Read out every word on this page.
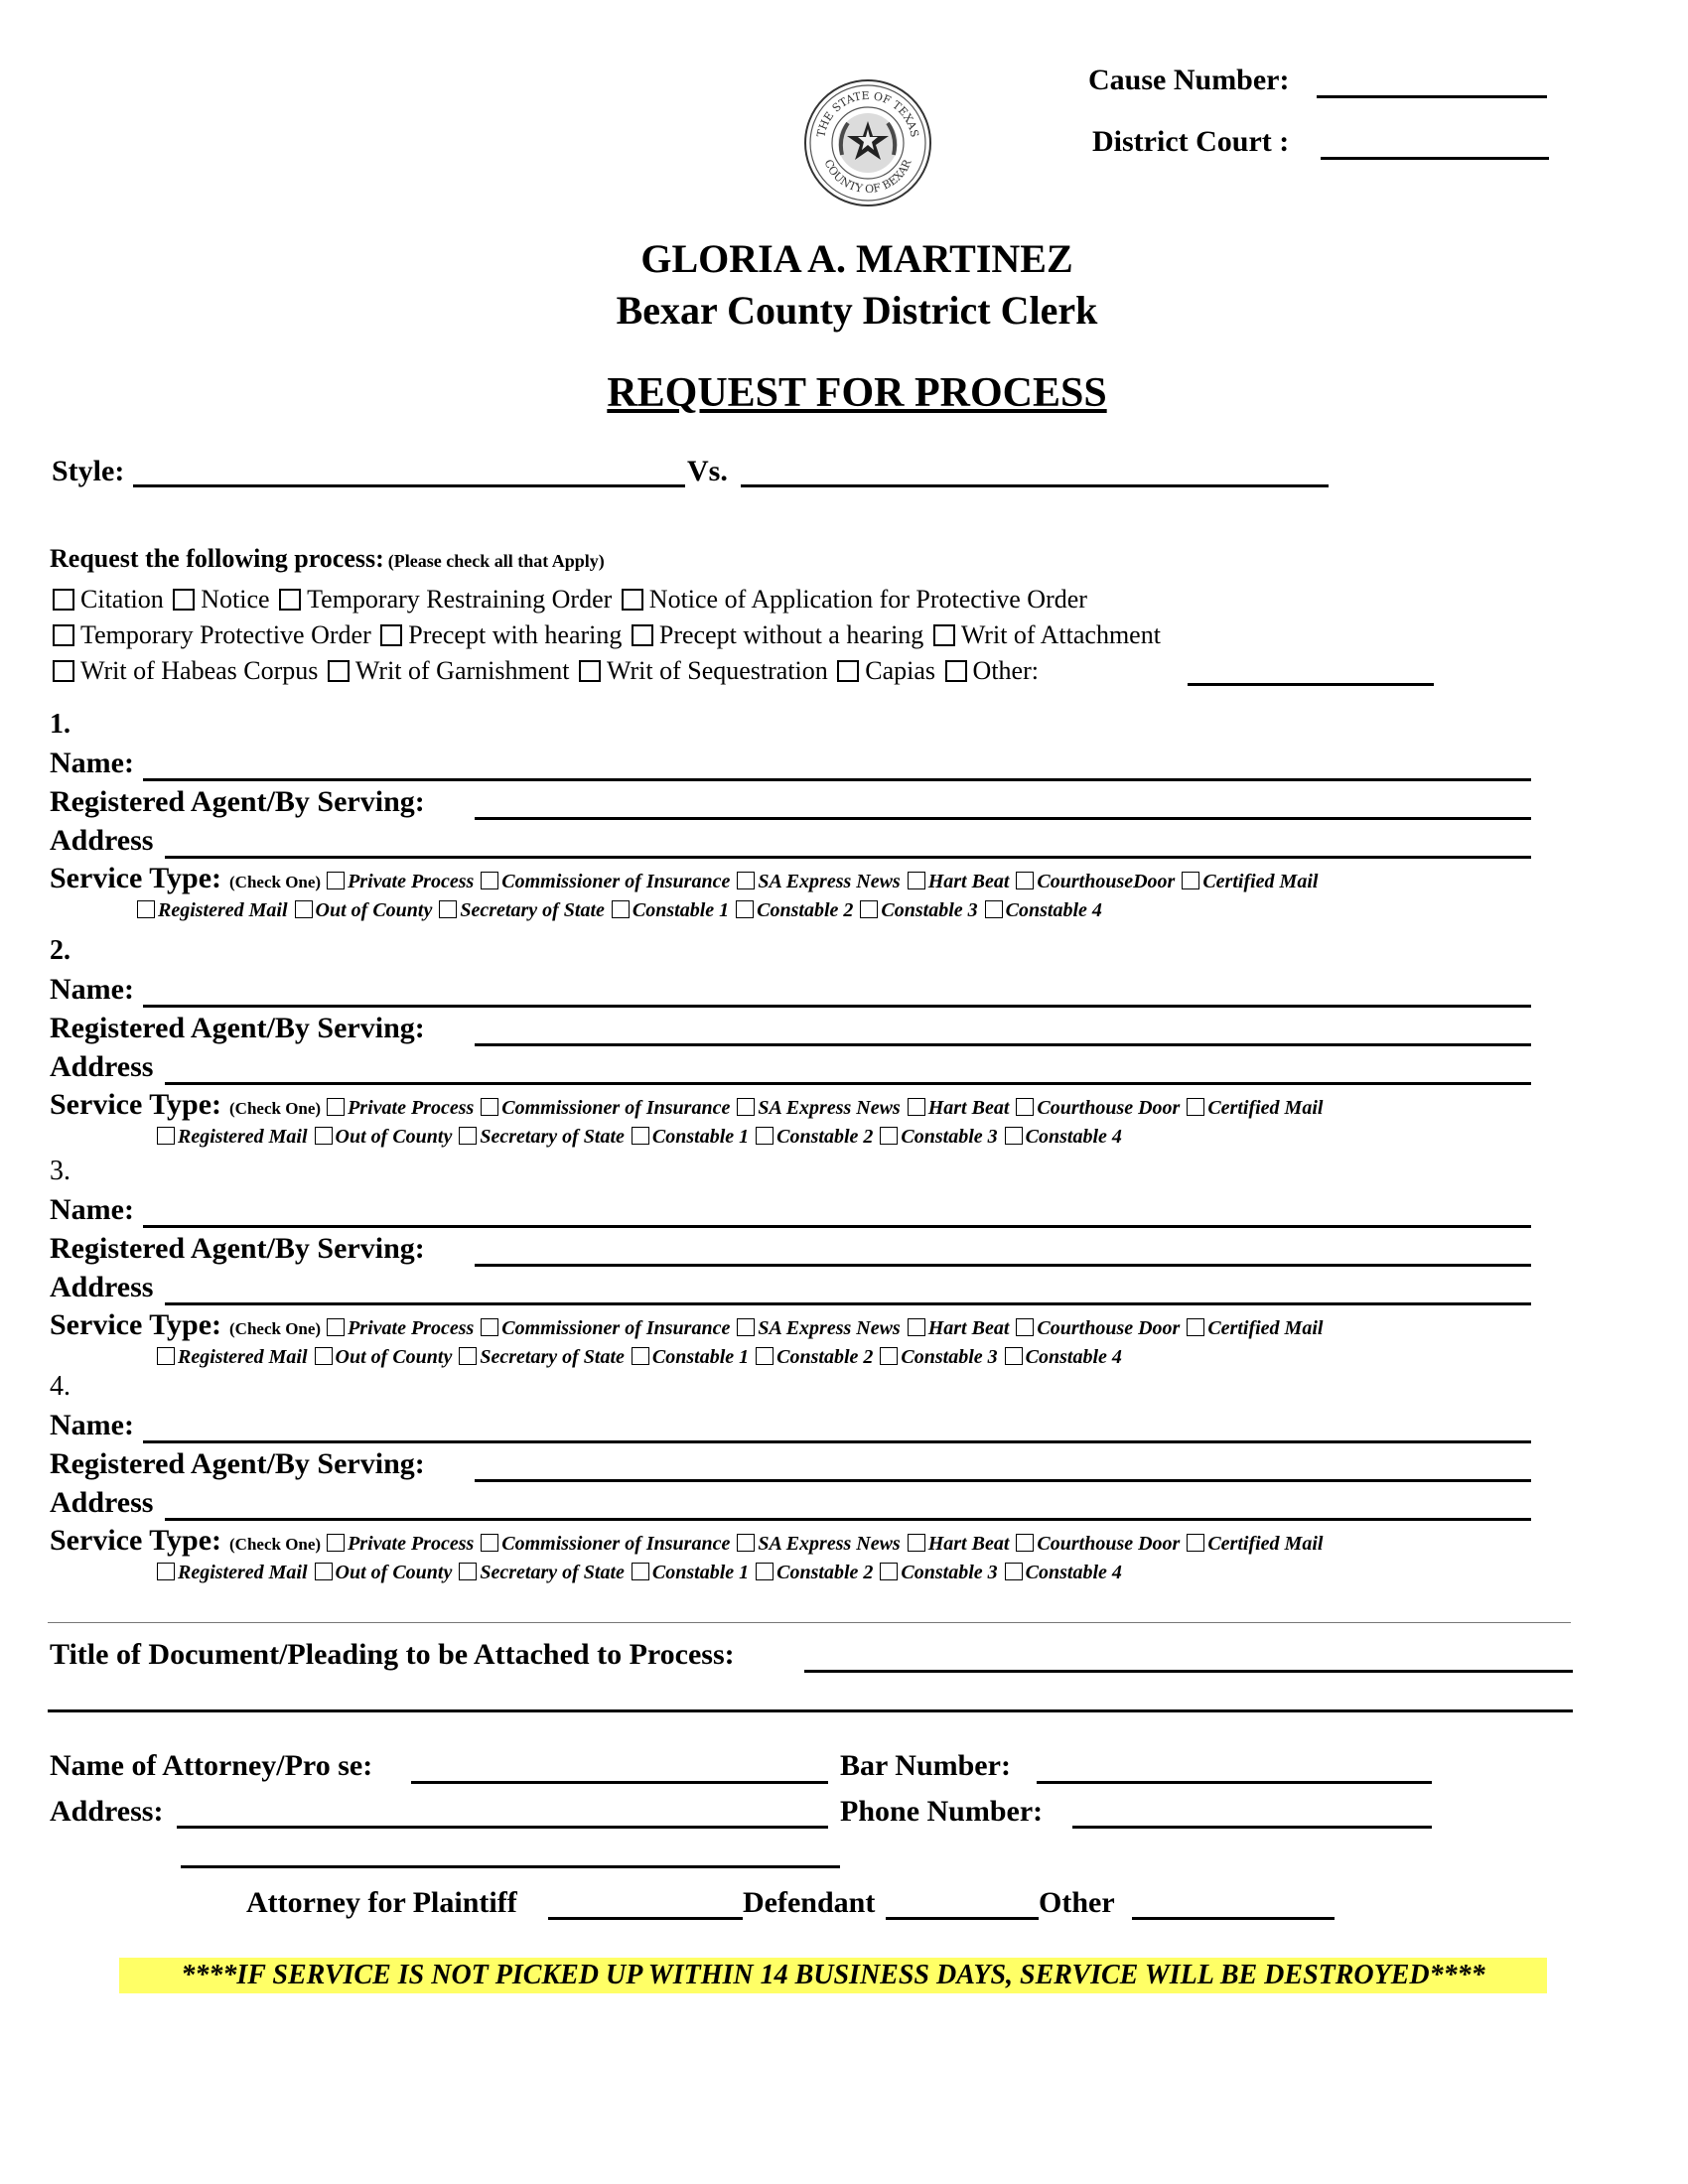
THE STATE OF TEXAS
COUNTY OF BEXAR
Cause Number:
District Court :
GLORIA A. MARTINEZ
Bexar County District Clerk
REQUEST FOR PROCESS
Style:	Vs.
Request the following process: (Please check all that Apply)
Citation Notice Temporary Restraining Order Notice of Application for Protective Order
Temporary Protective Order Precept with hearing Precept without a hearing Writ of Attachment
Writ of Habeas Corpus Writ of Garnishment Writ of Sequestration Capias Other:
1.
Name:
Registered Agent/By Serving:
Address
Service Type: (Check One) Private Process Commissioner of Insurance SA Express News Hart Beat CourthouseDoor Certified Mail
Registered Mail Out of County Secretary of State Constable 1 Constable 2 Constable 3 Constable 4
2.
Name:
Registered Agent/By Serving:
Address
Service Type: (Check One) Private Process Commissioner of Insurance SA Express News Hart Beat Courthouse Door Certified Mail
Registered Mail Out of County Secretary of State Constable 1 Constable 2 Constable 3 Constable 4
3.
Name:
Registered Agent/By Serving:
Address
Service Type: (Check One) Private Process Commissioner of Insurance SA Express News Hart Beat Courthouse Door Certified Mail
Registered Mail Out of County Secretary of State Constable 1 Constable 2 Constable 3 Constable 4
4.
Name:
Registered Agent/By Serving:
Address
Service Type: (Check One) Private Process Commissioner of Insurance SA Express News Hart Beat Courthouse Door Certified Mail
Registered Mail Out of County Secretary of State Constable 1 Constable 2 Constable 3 Constable 4
Title of Document/Pleading to be Attached to Process:
Name of Attorney/Pro se:	Bar Number:
Address:	Phone Number:
Attorney for Plaintiff	Defendant	Other
****IF SERVICE IS NOT PICKED UP WITHIN 14 BUSINESS DAYS, SERVICE WILL BE DESTROYED****
